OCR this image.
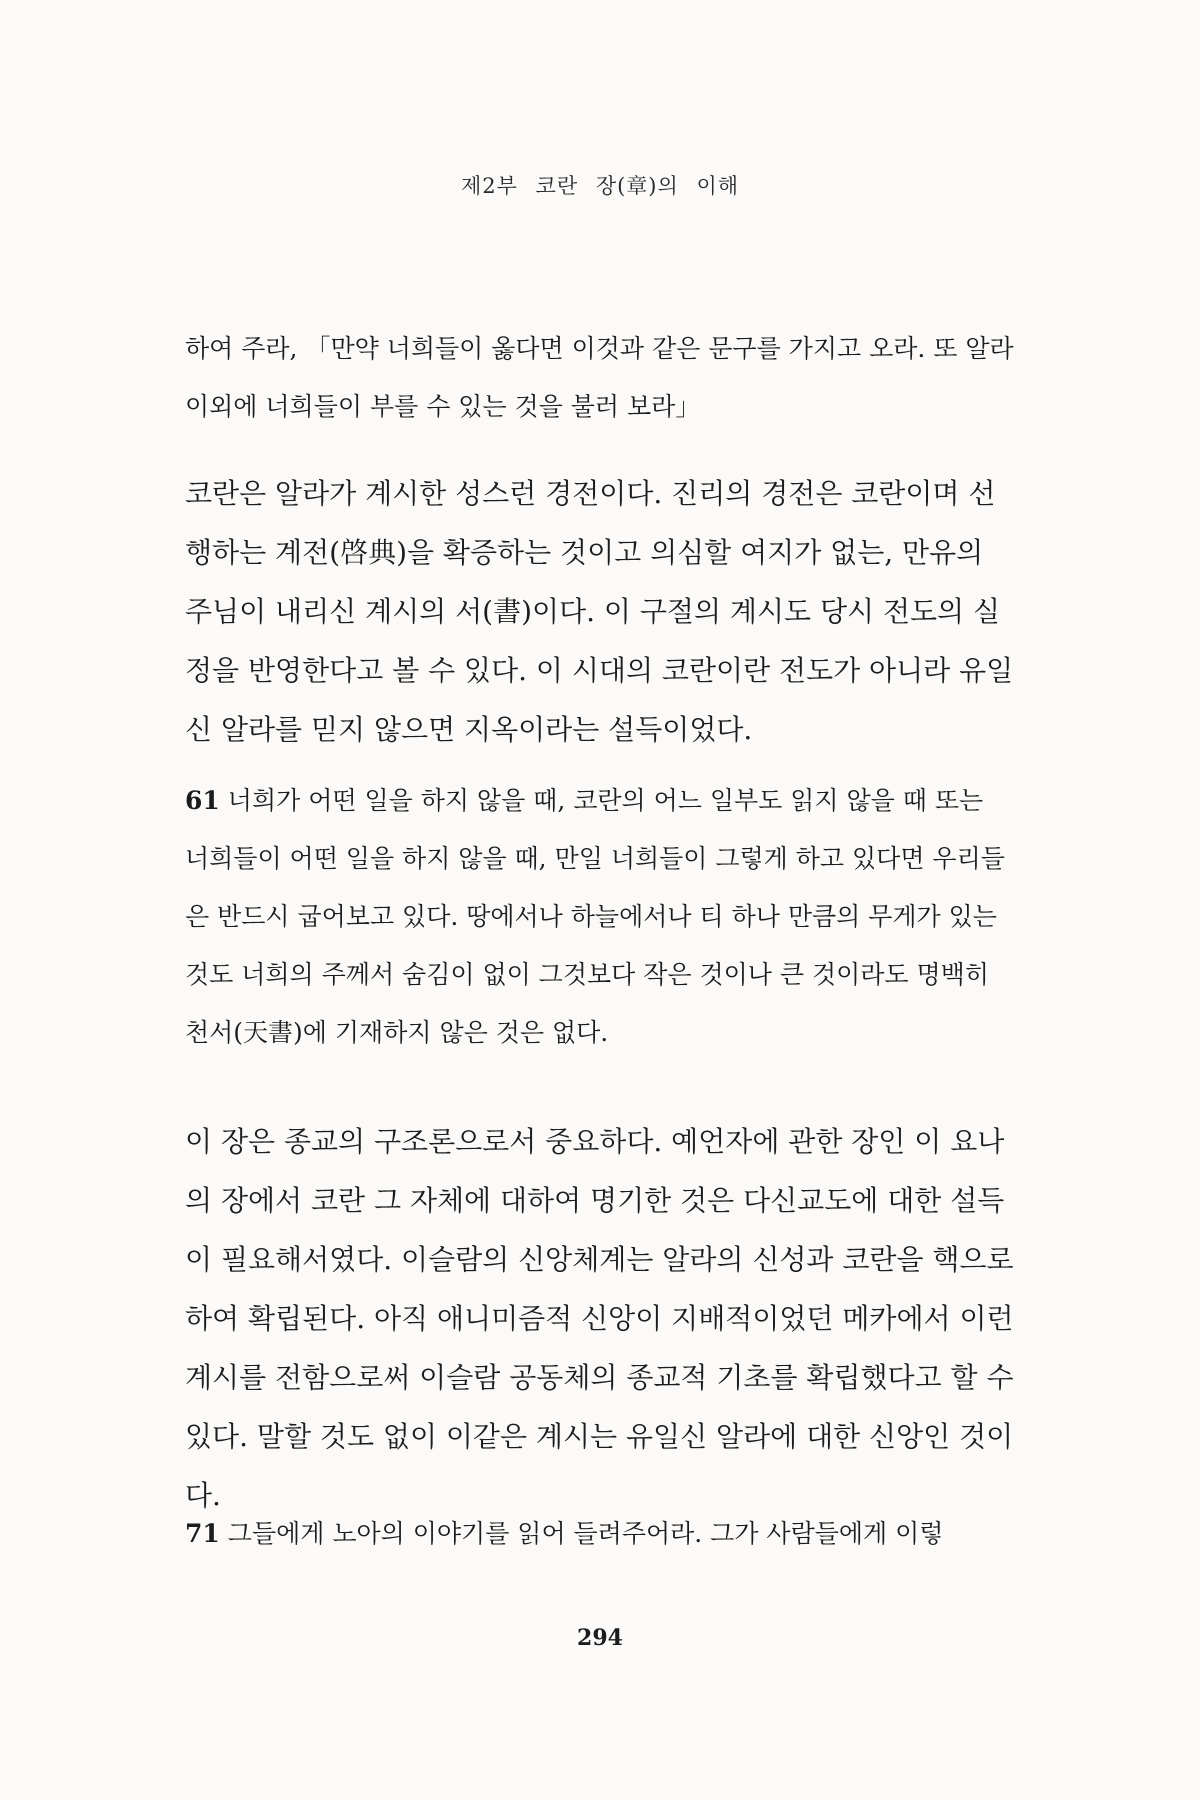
제2부 코란 장(章)의 이해

하여 주라, 「만약 너희들이 옳다면 이것과 같은 문구를 가지고 오라. 또 알라 이외에 너희들이 부를 수 있는 것을 불러 보라」

코란은 알라가 계시한 성스런 경전이다. 진리의 경전은 코란이며 선행하는 계전(啓典)을 확증하는 것이고 의심할 여지가 없는, 만유의 주님이 내리신 계시의 서(書)이다. 이 구절의 계시도 당시 전도의 실정을 반영한다고 볼 수 있다. 이 시대의 코란이란 전도가 아니라 유일신 알라를 믿지 않으면 지옥이라는 설득이었다.

61 너희가 어떤 일을 하지 않을 때, 코란의 어느 일부도 읽지 않을 때 또는 너희들이 어떤 일을 하지 않을 때, 만일 너희들이 그렇게 하고 있다면 우리들은 반드시 굽어보고 있다. 땅에서나 하늘에서나 티 하나 만큼의 무게가 있는 것도 너희의 주께서 숨김이 없이 그것보다 작은 것이나 큰 것이라도 명백히 천서(天書)에 기재하지 않은 것은 없다.

이 장은 종교의 구조론으로서 중요하다. 예언자에 관한 장인 이 요나의 장에서 코란 그 자체에 대하여 명기한 것은 다신교도에 대한 설득이 필요해서였다. 이슬람의 신앙체계는 알라의 신성과 코란을 핵으로 하여 확립된다. 아직 애니미즘적 신앙이 지배적이었던 메카에서 이런 계시를 전함으로써 이슬람 공동체의 종교적 기초를 확립했다고 할 수 있다. 말할 것도 없이 이같은 계시는 유일신 알라에 대한 신앙인 것이다.

71 그들에게 노아의 이야기를 읽어 들려주어라. 그가 사람들에게 이렇

294
